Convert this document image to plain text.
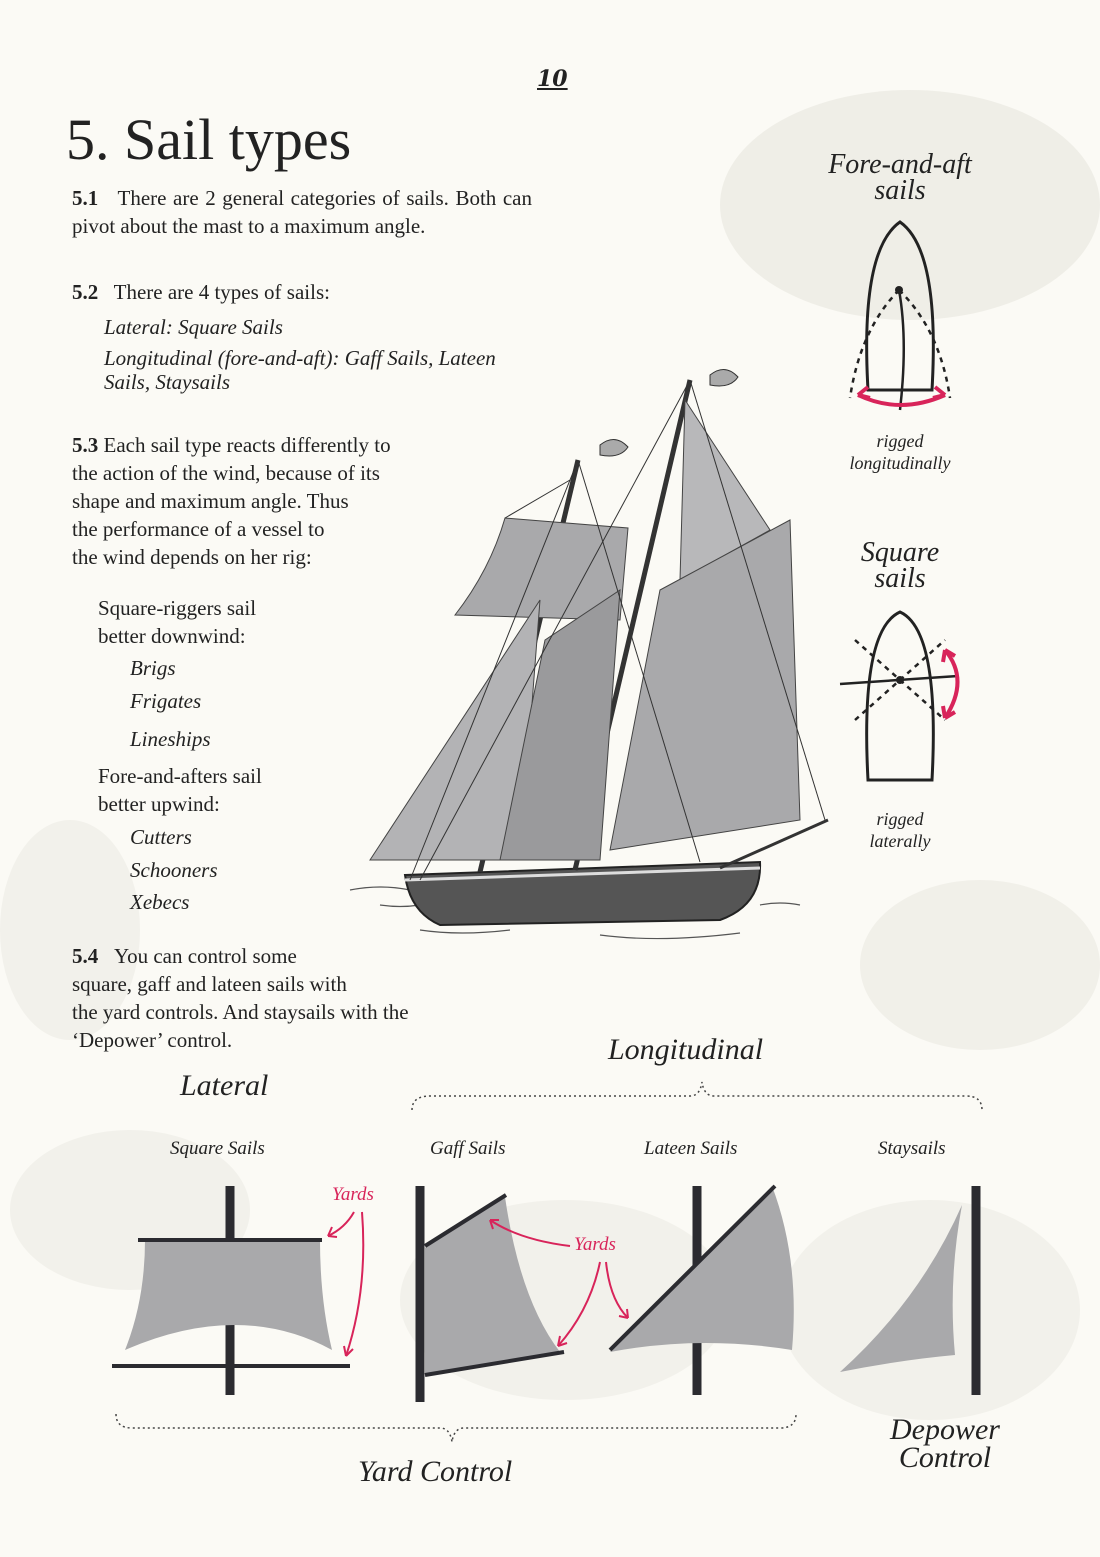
10
5. Sail types
5.1 There are 2 general categories of sails. Both can pivot about the mast to a maximum angle.
5.2 There are 4 types of sails:
Lateral: Square Sails
Longitudinal (fore-and-aft): Gaff Sails, Lateen Sails, Staysails
5.3 Each sail type reacts differently to
the action of the wind, because of its
shape and maximum angle. Thus
the performance of a vessel to
the wind depends on her rig:
Square-riggers sail
better downwind:
Brigs
Frigates
Lineships
Fore-and-afters sail
better upwind:
Cutters
Schooners
Xebecs
5.4 You can control some
square, gaff and lateen sails with
the yard controls. And staysails with the
‘Depower’ control.
Fore-and-aft
sails
rigged
longitudinally
Square
sails
rigged
laterally
Longitudinal
Lateral
Square Sails	Gaff Sails	Lateen Sails	Staysails
Yards
Yards
Yard Control
Depower
Control
